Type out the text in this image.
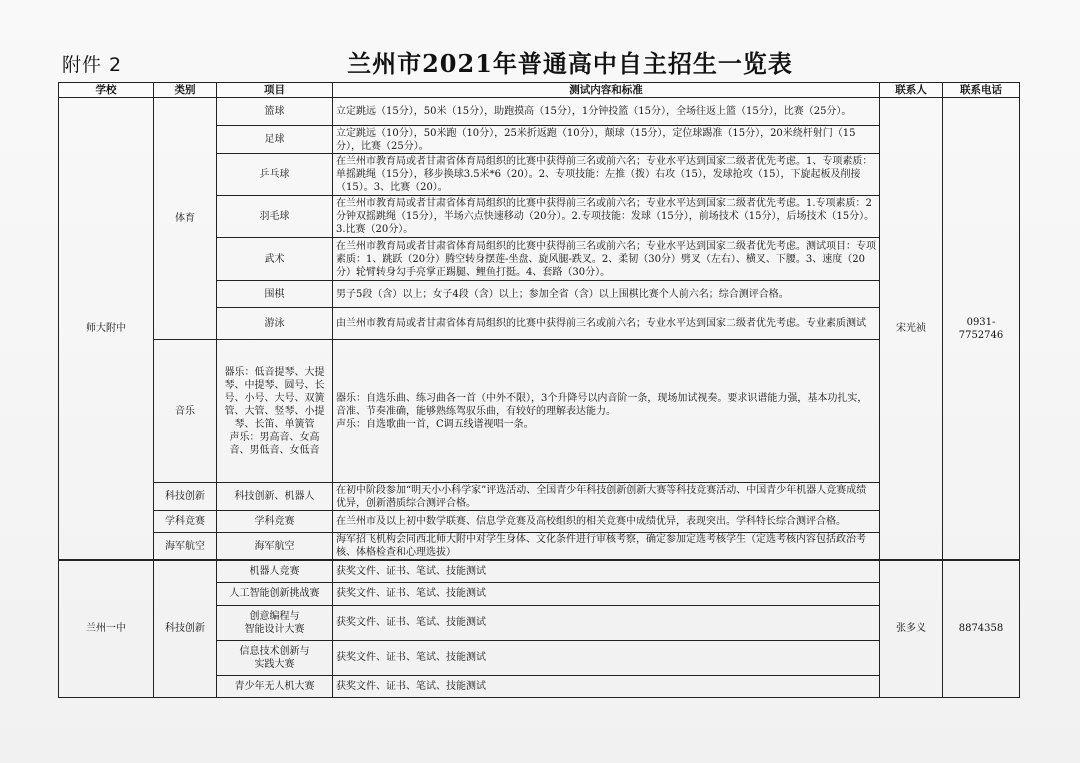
附件 2	兰州市2021年普通高中自主招生一览表
学校	类别	项目	测试内容和标准	联系人	联系电话
师大附中	体育	篮球	立定跳远（15分），50米（15分），助跑摸高（15分），1分钟投篮（15分），全场往返上篮（15分），比赛（25分）。	宋光祯	0931-7752746
		足球	立定跳远（10分），50米跑（10分），25米折返跑（10分），颠球（15分），定位球踢准（15分），20米绕杆射门（15分），比赛（25分）。		

		乒乓球	在兰州市教育局或者甘肃省体育局组织的比赛中获得前三名或前六名；专业水平达到国家二级者优先考虑。1、专项素质：单摇跳绳（15分），移步换球3.5米*6（20）。2、专项技能：左推（拨）右攻（15），发球抢攻（15），下旋起板及削接（15）。3、比赛（20）。		

		羽毛球	在兰州市教育局或者甘肃省体育局组织的比赛中获得前三名或前六名；专业水平达到国家二级者优先考虑。1.专项素质：2分钟双摇跳绳（15分），半场六点快速移动（20分）。2.专项技能：发球（15分），前场技术（15分），后场技术（15分）。3.比赛（20分）。		

		武术	在兰州市教育局或者甘肃省体育局组织的比赛中获得前三名或前六名；专业水平达到国家二级者优先考虑。测试项目：专项素质：1、跳跃（20分）腾空转身摆莲-坐盘、旋风腿-跌叉。2、柔韧（30分）劈叉（左右）、横叉、下腰。3、速度（20分）轮臂转身勾手亮掌正踢腿、鲤鱼打挺。4、套路（30分）。		

		围棋	男子5段（含）以上；女子4段（含）以上；参加全省（含）以上围棋比赛个人前六名；综合测评合格。		

		游泳	由兰州市教育局或者甘肃省体育局组织的比赛中获得前三名或前六名；专业水平达到国家二级者优先考虑。专业素质测试		

	音乐	器乐：低音提琴、大提琴、中提琴、圆号、长号、小号、大号、双簧管、大管、竖琴、小提琴、长笛、单簧管
声乐：男高音、女高音、男低音、女低音	器乐：自选乐曲、练习曲各一首（中外不限），3个升降号以内音阶一条，现场加试视奏。要求识谱能力强，基本功扎实，音准、节奏准确，能够熟练驾驭乐曲，有较好的理解表达能力。
声乐：自选歌曲一首，C调五线谱视唱一条。		

	科技创新	科技创新、机器人	在初中阶段参加“明天小小科学家”评选活动、全国青少年科技创新创新大赛等科技竞赛活动、中国青少年机器人竞赛成绩优异，创新潜质综合测评合格。		

	学科竞赛	学科竞赛	在兰州市及以上初中数学联赛、信息学竞赛及高校组织的相关竞赛中成绩优异，表现突出。学科特长综合测评合格。		

	海军航空	海军航空	海军招飞机构会同西北师大附中对学生身体、文化条件进行审核考察，确定参加定选考核学生（定选考核内容包括政治考核、体格检查和心理选拔）		

兰州一中	科技创新	机器人竞赛	获奖文件、证书、笔试、技能测试	张多义	8874358
		人工智能创新挑战赛	获奖文件、证书、笔试、技能测试		

		创意编程与
智能设计大赛	获奖文件、证书、笔试、技能测试		

		信息技术创新与
实践大赛	获奖文件、证书、笔试、技能测试		

		青少年无人机大赛	获奖文件、证书、笔试、技能测试		
